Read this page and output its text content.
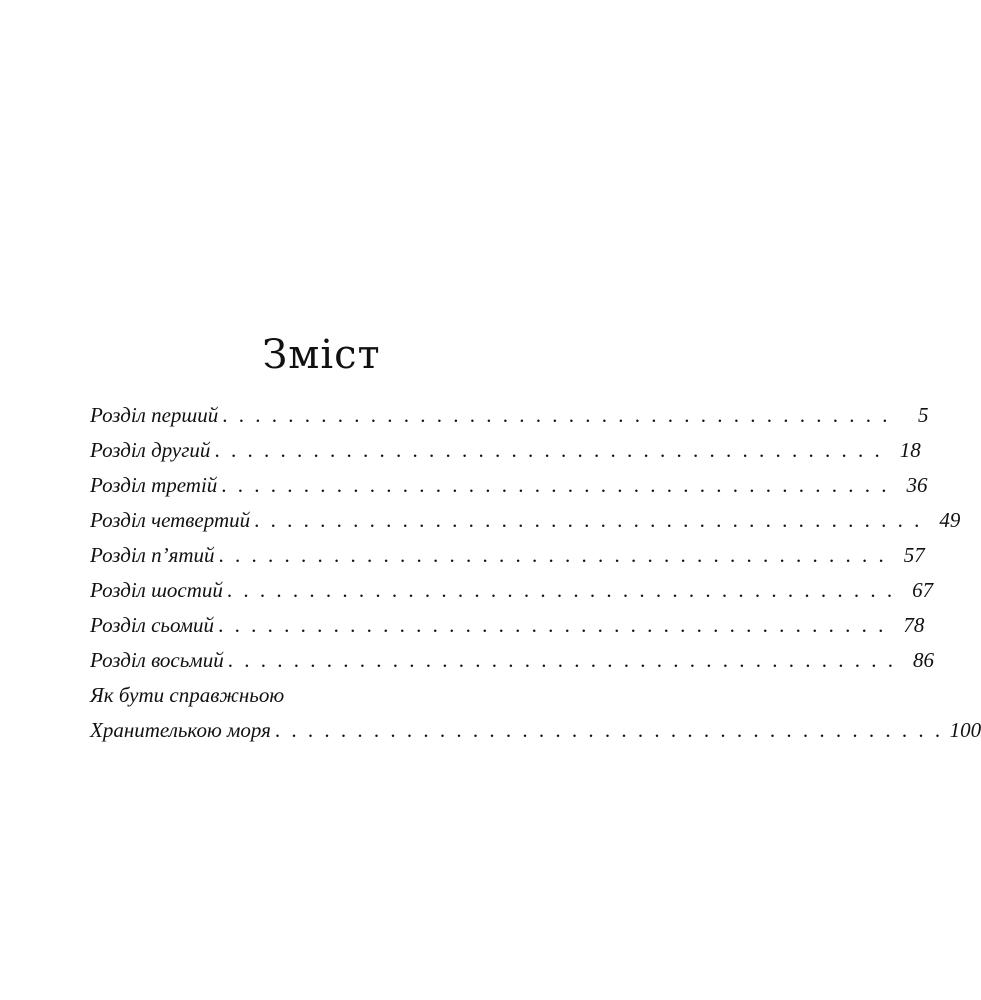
Зміст
Розділ перший . . . . . . . . . . . . . . . . . . . . . . . . . . . . . . . . . . . . . . . . .	5
Розділ другий . . . . . . . . . . . . . . . . . . . . . . . . . . . . . . . . . . . . . . . . . 18
Розділ третій . . . . . . . . . . . . . . . . . . . . . . . . . . . . . . . . . . . . . . . . . 36
Розділ четвертий . . . . . . . . . . . . . . . . . . . . . . . . . . . . . . . . . . . . . . . . . 49
Розділ п’ятий . . . . . . . . . . . . . . . . . . . . . . . . . . . . . . . . . . . . . . . . . 57
Розділ шостий . . . . . . . . . . . . . . . . . . . . . . . . . . . . . . . . . . . . . . . . . 67
Розділ сьомий . . . . . . . . . . . . . . . . . . . . . . . . . . . . . . . . . . . . . . . . . 78
Розділ восьмий . . . . . . . . . . . . . . . . . . . . . . . . . . . . . . . . . . . . . . . . . 86
Як бути справжньою
Хранителькою моря . . . . . . . . . . . . . . . . . . . . . . . . . . . . . . . . . . . . . . . . . 100
